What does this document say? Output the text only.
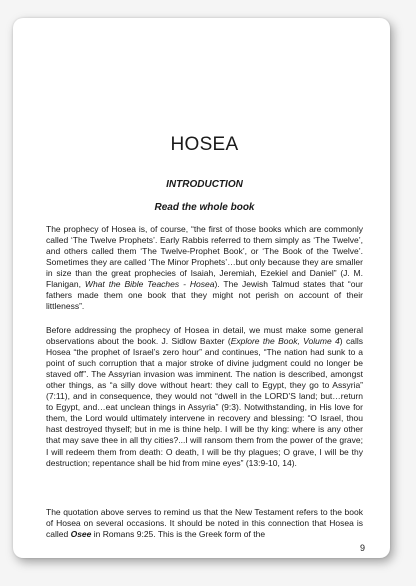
HOSEA
INTRODUCTION
Read the whole book

The prophecy of Hosea is, of course, “the first of those books which are commonly called ‘The Twelve Prophets’. Early Rabbis referred to them simply as ‘The Twelve’, and others called them ‘The Twelve-Prophet Book’, or ‘The Book of the Twelve’. Sometimes they are called ‘The Minor Prophets’…but only because they are smaller in size than the great prophecies of Isaiah, Jeremiah, Ezekiel and Daniel” (J. M. Flanigan, What the Bible Teaches - Hosea). The Jewish Talmud states that “our fathers made them one book that they might not perish on account of their littleness”.

Before addressing the prophecy of Hosea in detail, we must make some general observations about the book. J. Sidlow Baxter (Explore the Book, Volume 4) calls Hosea “the prophet of Israel’s zero hour” and continues, “The nation had sunk to a point of such corruption that a major stroke of divine judgment could no longer be staved off”. The Assyrian invasion was imminent. The nation is described, amongst other things, as “a silly dove without heart: they call to Egypt, they go to Assyria” (7:11), and in consequence, they would not “dwell in the LORD’S land; but…return to Egypt, and…eat unclean things in Assyria” (9:3). Notwithstanding, in His love for them, the Lord would ultimately intervene in recovery and blessing: “O Israel, thou hast destroyed thyself; but in me is thine help. I will be thy king: where is any other that may save thee in all thy cities?...I will ransom them from the power of the grave; I will redeem them from death: O death, I will be thy plagues; O grave, I will be thy destruction; repentance shall be hid from mine eyes” (13:9-10, 14).

The quotation above serves to remind us that the New Testament refers to the book of Hosea on several occasions. It should be noted in this connection that Hosea is called Osee in Romans 9:25. This is the Greek form of the

9
